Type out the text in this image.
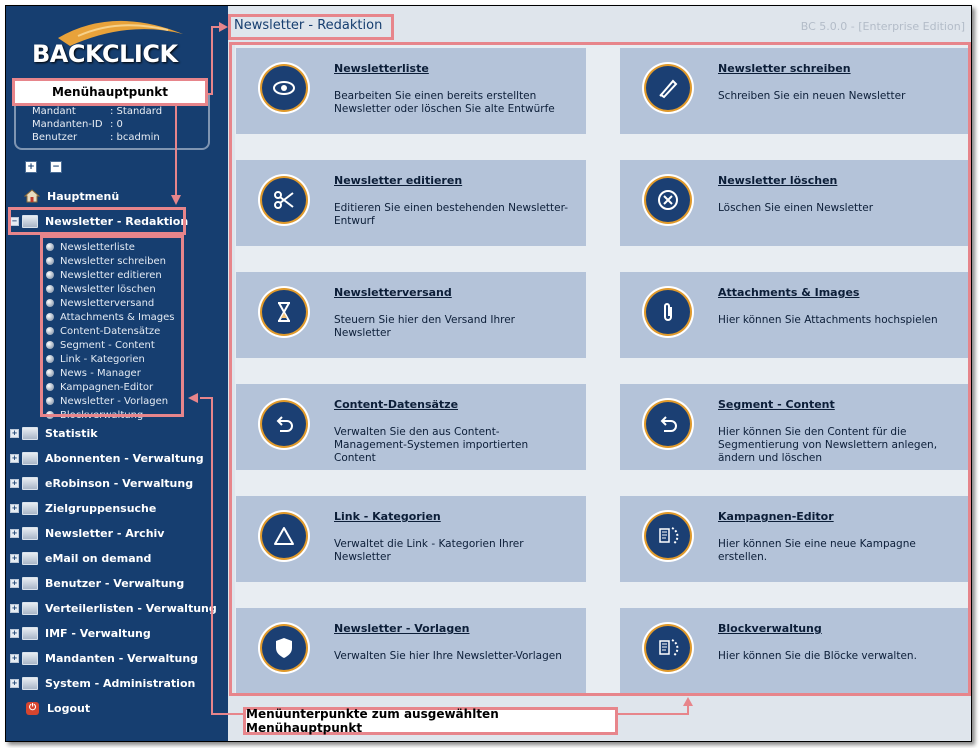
BACKCLICK
Mandant	: Standard
Mandanten-ID : 0
Benutzer	: bcadmin
+ −
Hauptmenü
−	Newsletter - Redaktion
Newsletterliste
Newsletter schreiben
Newsletter editieren
Newsletter löschen
Newsletterversand
Attachments & Images
Content-Datensätze
Segment - Content
Link - Kategorien
News - Manager
Kampagnen-Editor
Newsletter - Vorlagen
Blockverwaltung
+	Statistik
+	Abonnenten - Verwaltung
+	eRobinson - Verwaltung
+	Zielgruppensuche
+	Newsletter - Archiv
+	eMail on demand
+	Benutzer - Verwaltung
+	Verteilerlisten - Verwaltung
+	IMF - Verwaltung
+	Mandanten - Verwaltung
+	System - Administration
⏻ Logout
Newsletter - Redaktion	BC 5.0.0 - [Enterprise Edition]
Newsletterliste
Bearbeiten Sie einen bereits erstellten Newsletter oder löschen Sie alte Entwürfe
Newsletter schreiben
Schreiben Sie ein neuen Newsletter
Newsletter editieren
Editieren Sie einen bestehenden Newsletter-Entwurf
Newsletter löschen
Löschen Sie einen Newsletter
Newsletterversand
Steuern Sie hier den Versand Ihrer Newsletter
Attachments & Images
Hier können Sie Attachments hochspielen
Content-Datensätze
Verwalten Sie den aus Content-Management-Systemen importierten Content
Segment - Content
Hier können Sie den Content für die Segmentierung von Newslettern anlegen, ändern und löschen
Link - Kategorien
Verwaltet die Link - Kategorien Ihrer Newsletter
Kampagnen-Editor
Hier können Sie eine neue Kampagne erstellen.
Newsletter - Vorlagen
Verwalten Sie hier Ihre Newsletter-Vorlagen
Blockverwaltung
Hier können Sie die Blöcke verwalten.
Menühauptpunkt
Menüunterpunkte zum ausgewählten Menühauptpunkt
